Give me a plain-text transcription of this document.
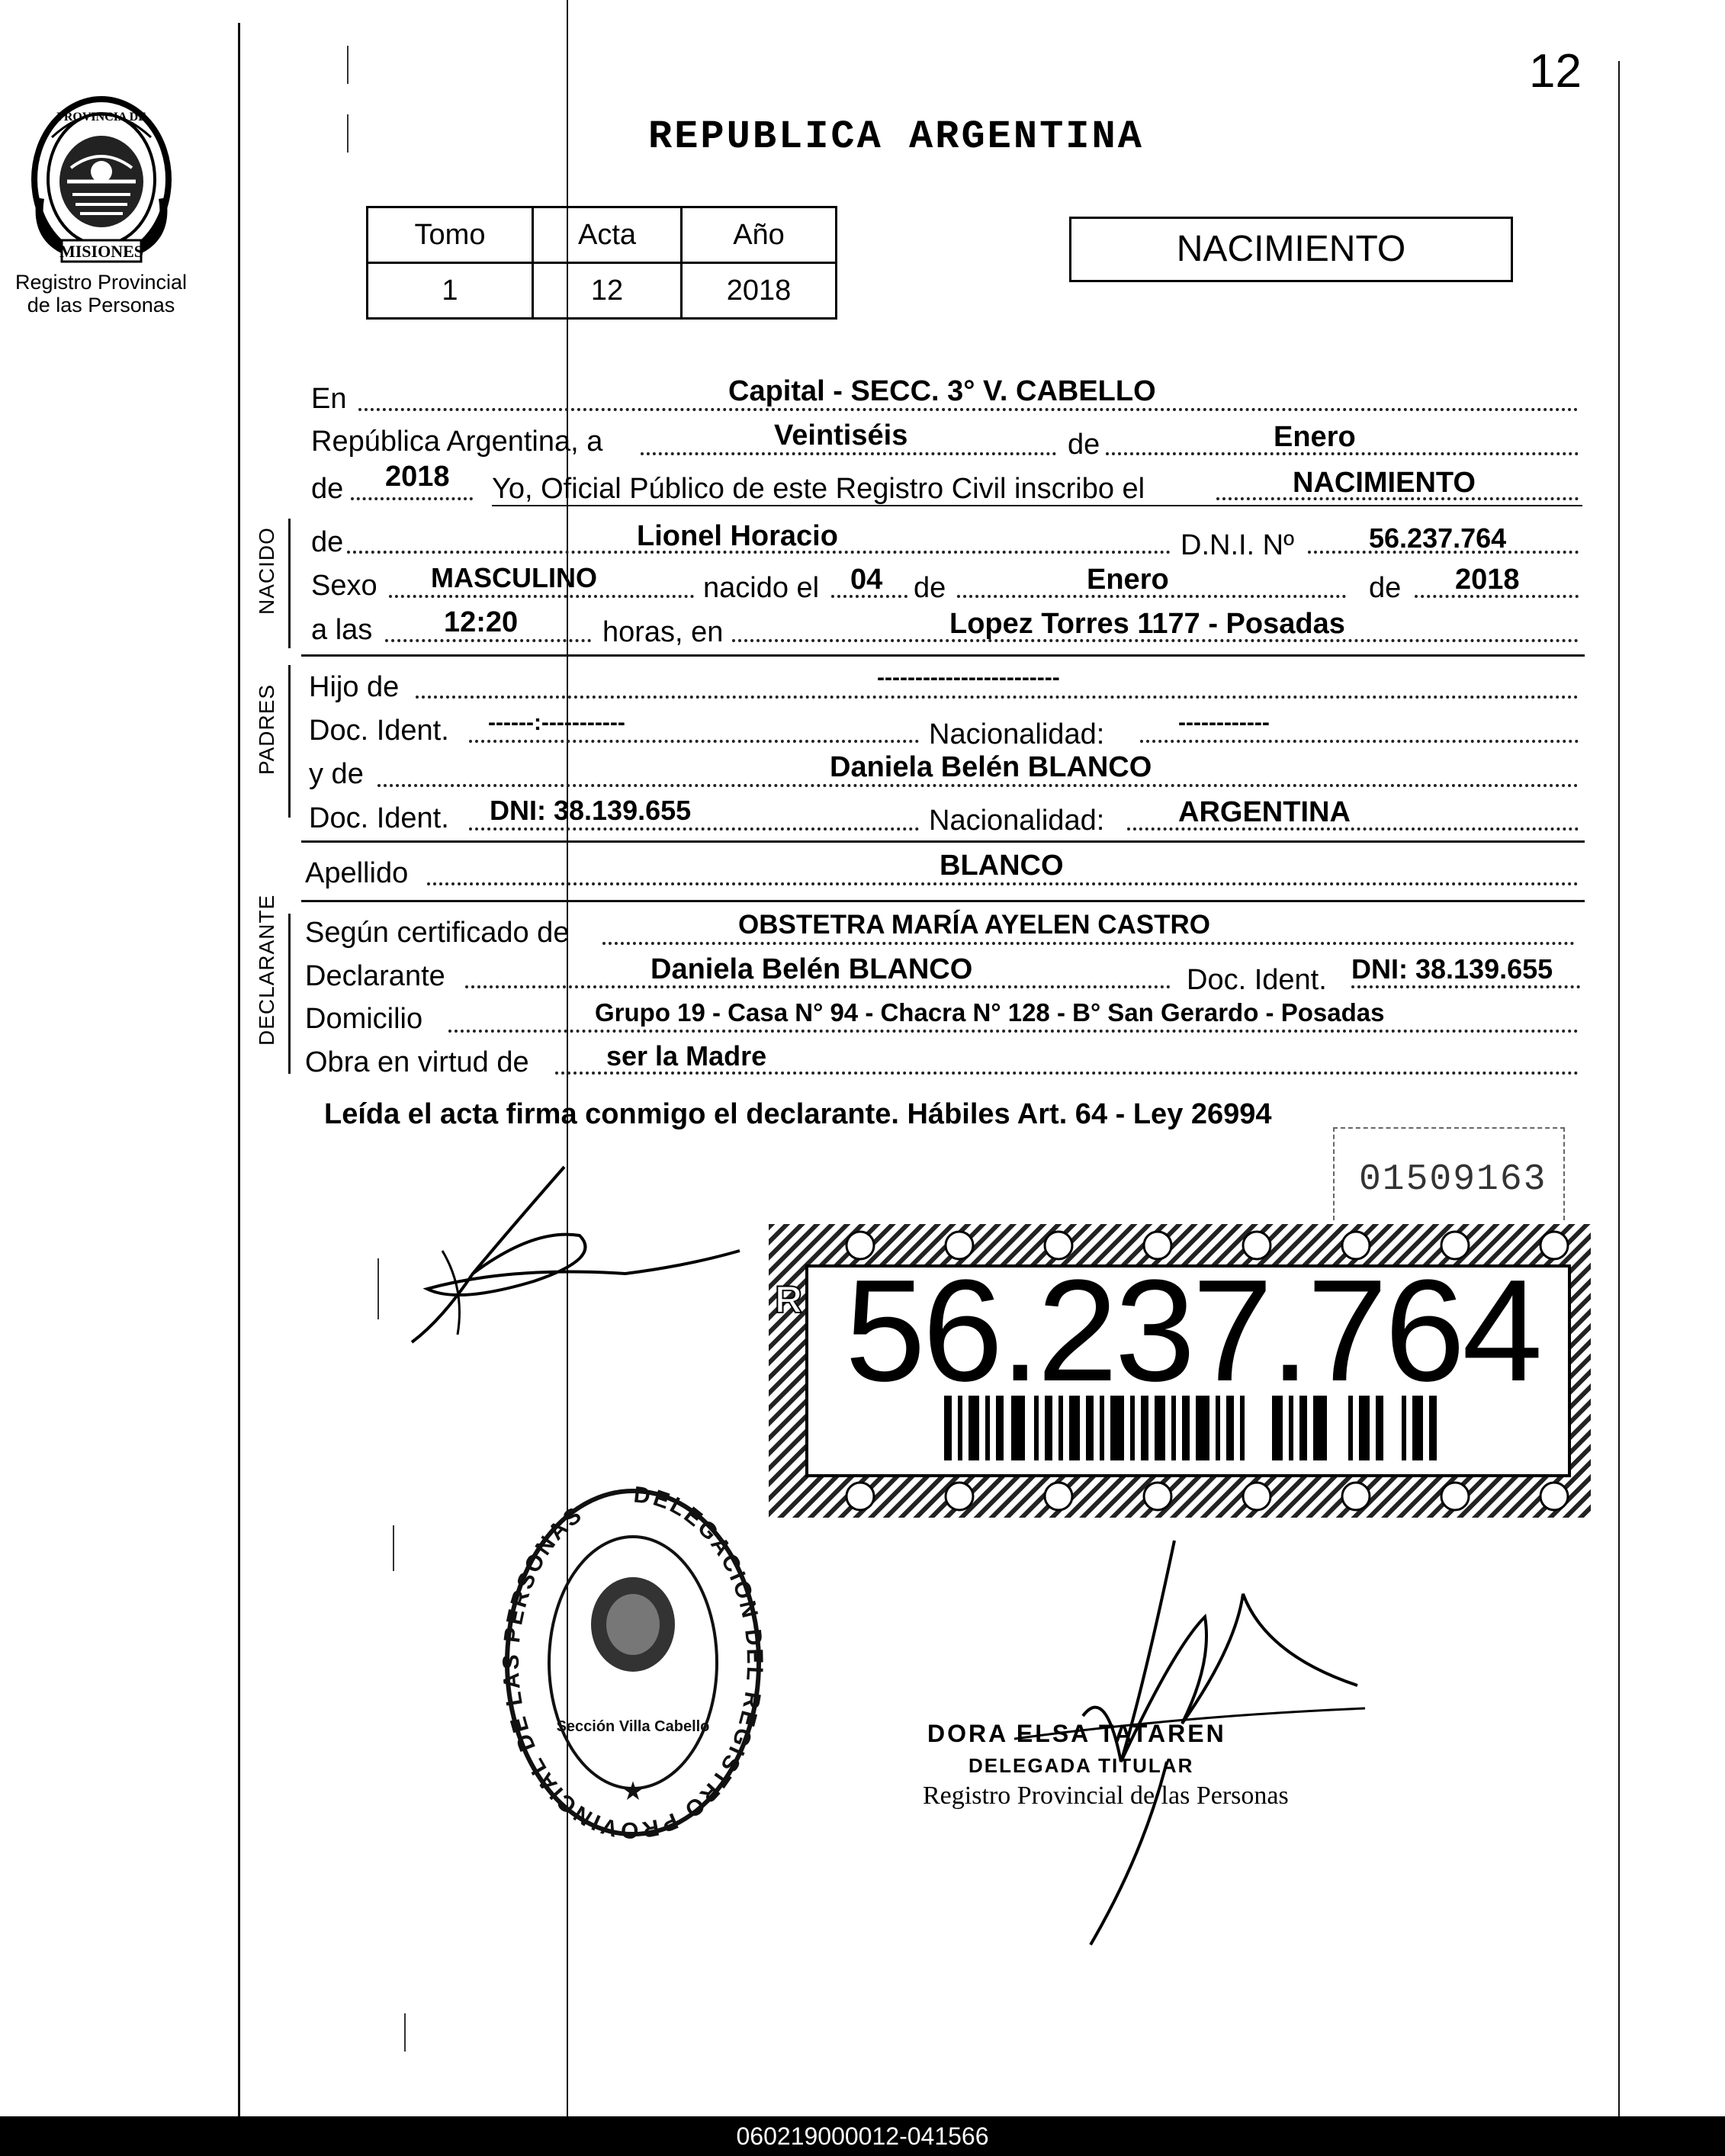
PROVINCIA DE
MISIONES
Registro Provincial
de las Personas
12
REPUBLICA ARGENTINA
Tomo	Acta	Año
1	12	2018
NACIMIENTO
En	Capital - SECC. 3° V. CABELLO
República Argentina, a	Veintiséis	de	Enero
de 2018 Yo, Oficial Público de este Registro Civil inscribo el	NACIMIENTO
NACIDO de	Lionel Horacio	D.N.I. Nº	56.237.764
Sexo MASCULINO	nacido el 04 de	Enero	de 2018
a las 12:20	horas, en	Lopez Torres 1177 - Posadas
PADRES Hijo de	------------------------
Doc. Ident. ------:-----------	Nacionalidad:	------------
y de	Daniela Belén BLANCO
Doc. Ident. DNI: 38.139.655	Nacionalidad:	ARGENTINA
Apellido	BLANCO
DECLARANTE Según certificado de	OBSTETRA MARÍA AYELEN CASTRO
Declarante	Daniela Belén BLANCO	Doc. Ident. DNI: 38.139.655
Domicilio	Grupo 19 - Casa N° 94 - Chacra N° 128 - B° San Gerardo - Posadas
Obra en virtud de	ser la Madre
Leída el acta firma conmigo el declarante. Hábiles Art. 64 - Ley 26994
01509163
56.237.764
R
DELEGACION DEL REGISTRO PROVINCIAL DE LAS PERSONAS
Sección Villa Cabello
★
DORA ELSA TATAREN
DELEGADA TITULAR
Registro Provincial de las Personas
060219000012-041566
